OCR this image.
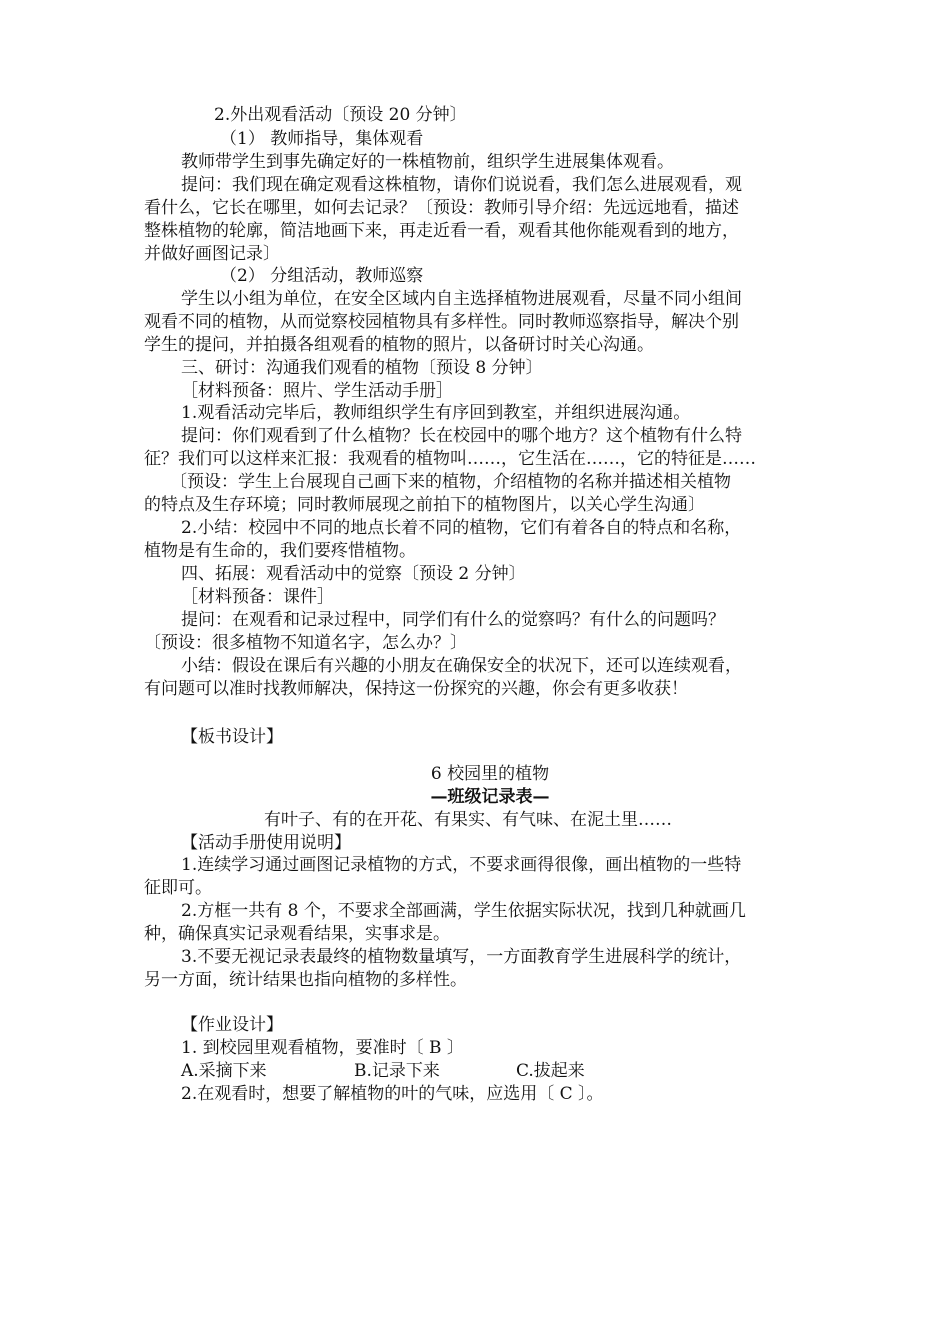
2.外出观看活动〔预设 20 分钟〕
（1） 教师指导，集体观看
教师带学生到事先确定好的一株植物前，组织学生进展集体观看。
提问：我们现在确定观看这株植物，请你们说说看，我们怎么进展观看，观
看什么，它长在哪里，如何去记录？〔预设：教师引导介绍：先远远地看，描述
整株植物的轮廓，简洁地画下来，再走近看一看，观看其他你能观看到的地方，
并做好画图记录〕
（2） 分组活动，教师巡察
学生以小组为单位，在安全区域内自主选择植物进展观看，尽量不同小组间
观看不同的植物，从而觉察校园植物具有多样性。同时教师巡察指导，解决个别
学生的提问，并拍摄各组观看的植物的照片，以备研讨时关心沟通。
三、研讨：沟通我们观看的植物〔预设 8 分钟〕
［材料预备：照片、学生活动手册］
1.观看活动完毕后，教师组织学生有序回到教室，并组织进展沟通。
提问：你们观看到了什么植物？长在校园中的哪个地方？这个植物有什么特
征？我们可以这样来汇报：我观看的植物叫……，它生活在……，它的特征是……
〔预设：学生上台展现自己画下来的植物，介绍植物的名称并描述相关植物
的特点及生存环境；同时教师展现之前拍下的植物图片，以关心学生沟通〕
2.小结：校园中不同的地点长着不同的植物，它们有着各自的特点和名称，
植物是有生命的，我们要疼惜植物。
四、拓展：观看活动中的觉察〔预设 2 分钟〕
［材料预备：课件］
提问：在观看和记录过程中，同学们有什么的觉察吗？有什么的问题吗？
〔预设：很多植物不知道名字，怎么办？〕
小结：假设在课后有兴趣的小朋友在确保安全的状况下，还可以连续观看，
有问题可以准时找教师解决，保持这一份探究的兴趣，你会有更多收获！
【板书设计】
6 校园里的植物
—班级记录表—
有叶子、有的在开花、有果实、有气味、在泥土里……
【活动手册使用说明】
1.连续学习通过画图记录植物的方式，不要求画得很像，画出植物的一些特
征即可。
2.方框一共有 8 个，不要求全部画满，学生依据实际状况，找到几种就画几
种，确保真实记录观看结果，实事求是。
3.不要无视记录表最终的植物数量填写，一方面教育学生进展科学的统计，
另一方面，统计结果也指向植物的多样性。
【作业设计】
1. 到校园里观看植物，要准时〔 B 〕
A.采摘下来	B.记录下来	C.拔起来
2.在观看时，想要了解植物的叶的气味，应选用〔 C 〕。
